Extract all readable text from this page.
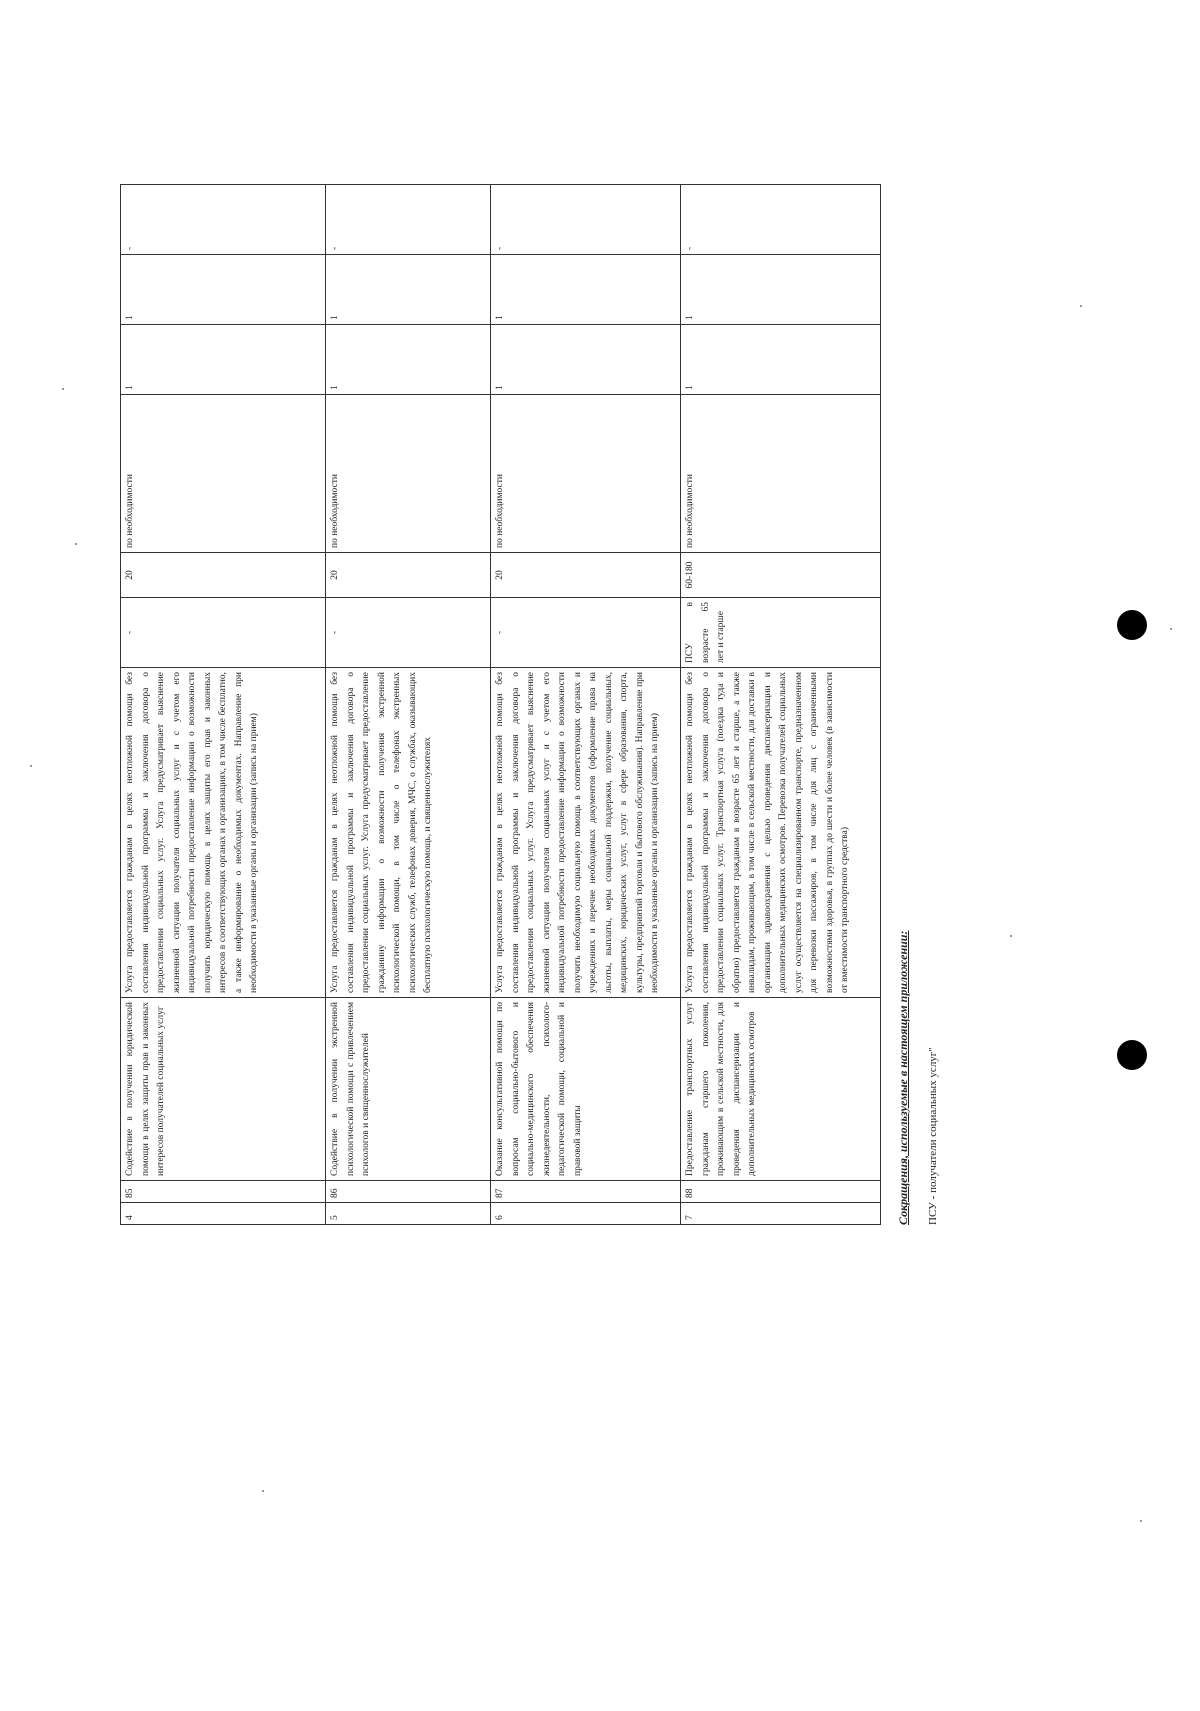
4	85	Содействие в получении юридической помощи в целях защиты прав и законных интересов получателей социальных услуг	Услуга предоставляется гражданам в целях неотложной помощи без составления индивидуальной программы и заключения договора о предоставлении социальных услуг. Услуга предусматривает выяснение жизненной ситуации получателя социальных услуг и с учетом его индивидуальной потребности предоставление информации о возможности получить юридическую помощь в целях защиты его прав и законных интересов в соответствующих органах и организациях, в том числе бесплатно, а также информирование о необходимых документах. Направление при необходимости в указанные органы и организации (запись на прием)	-	20	по необходимости	1	1	-
5	86	Содействие в получении экстренной психологической помощи с привлечением психологов и священнослужителей	Услуга предоставляется гражданам в целях неотложной помощи без составления индивидуальной программы и заключения договора о предоставлении социальных услуг. Услуга предусматривает предоставление гражданину информации о возможности получения экстренной психологической помощи, в том числе о телефонах экстренных психологических служб, телефонах доверия, МЧС, о службах, оказывающих бесплатную психологическую помощь, и священнослужителях	-	20	по необходимости	1	1	-
6	87	Оказание консультативной помощи по вопросам социально-бытового и социально-медицинского обеспечения жизнедеятельности, психолого-педагогической помощи, социальной и правовой защиты	Услуга предоставляется гражданам в целях неотложной помощи без составления индивидуальной программы и заключения договора о предоставлении социальных услуг. Услуга предусматривает выяснение жизненной ситуации получателя социальных услуг и с учетом его индивидуальной потребности предоставление информации о возможности получить необходимую социальную помощь в соответствующих органах и учреждениях и перечне необходимых документов (оформление права на льготы, выплаты, меры социальной поддержки, получение социальных, медицинских, юридических услуг, услуг в сфере образования, спорта, культуры, предприятий торговли и бытового обслуживания). Направление при необходимости в указанные органы и организации (запись на прием)	-	20	по необходимости	1	1	-
7	88	Предоставление транспортных услуг гражданам старшего поколения, проживающим в сельской местности, для проведения диспансеризации и дополнительных медицинских осмотров	Услуга предоставляется гражданам в целях неотложной помощи без составления индивидуальной программы и заключения договора о предоставлении социальных услуг. Транспортная услуга (поездка туда и обратно) предоставляется гражданам в возрасте 65 лет и старше, а также инвалидам, проживающим, в том числе в сельской местности, для доставки в организации здравоохранения с целью проведения диспансеризации и дополнительных медицинских осмотров. Перевозка получателей социальных услуг осуществляется на специализированном транспорте, предназначенном для перевозки пассажиров, в том числе для лиц с ограниченными возможностями здоровья, в группах до шести и более человек (в зависимости от вместимости транспортного средства)	ПСУ в возрасте 65 лет и старше	60-180	по необходимости	1	1	-
Сокращения, используемые в настоящем приложении: ПСУ - получатели социальных услуг"
